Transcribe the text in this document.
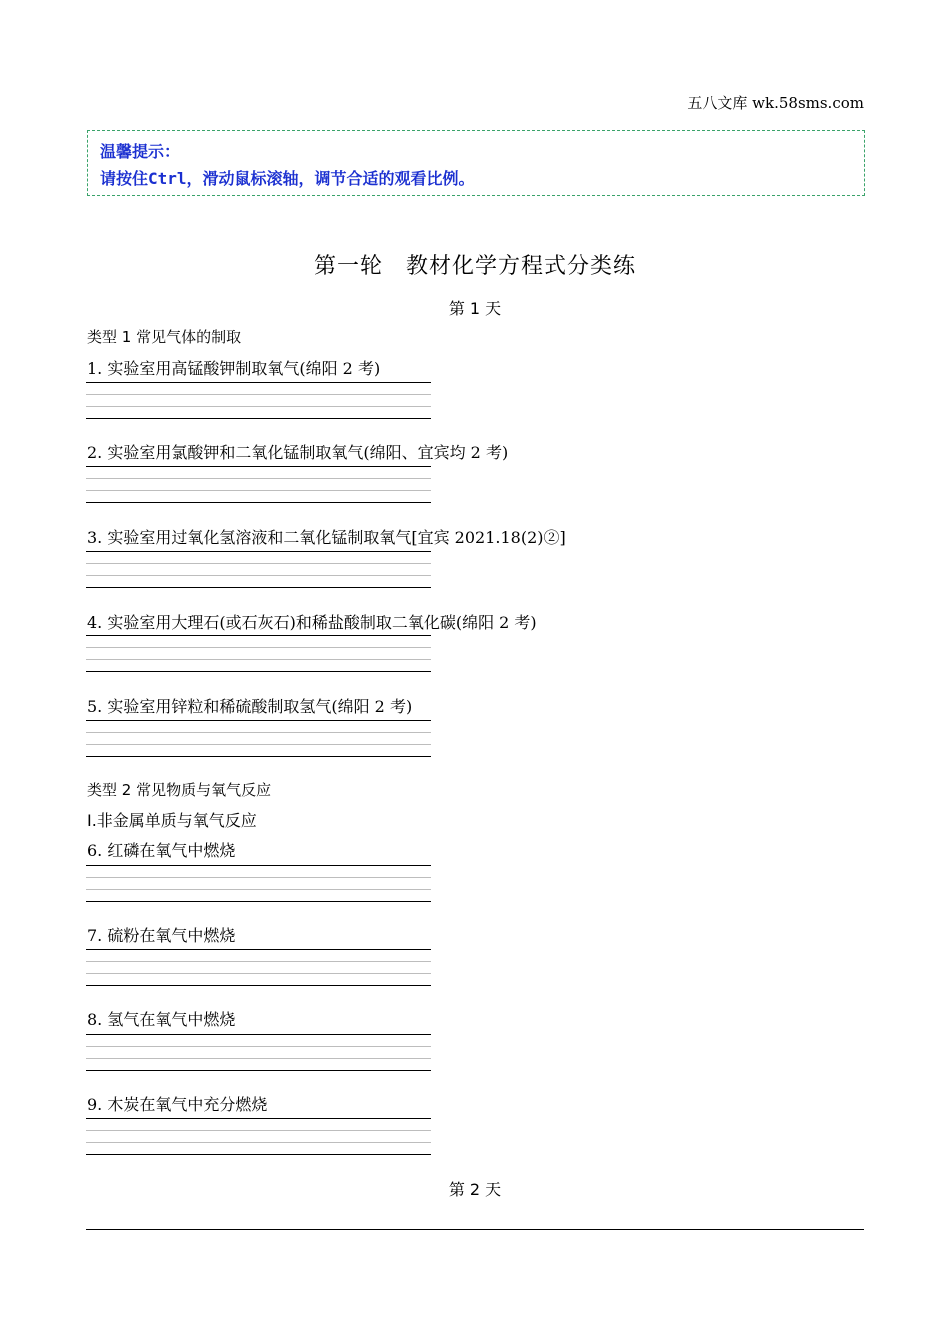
五八文库 wk.58sms.com
温馨提示：
请按住Ctrl，滑动鼠标滚轴，调节合适的观看比例。
第一轮　教材化学方程式分类练
第 1 天
类型 1 常见气体的制取
1. 实验室用高锰酸钾制取氧气(绵阳 2 考)
2. 实验室用氯酸钾和二氧化锰制取氧气(绵阳、宜宾均 2 考)
3. 实验室用过氧化氢溶液和二氧化锰制取氧气[宜宾 2021.18(2)②]
4. 实验室用大理石(或石灰石)和稀盐酸制取二氧化碳(绵阳 2 考)
5. 实验室用锌粒和稀硫酸制取氢气(绵阳 2 考)
类型 2 常见物质与氧气反应
I.非金属单质与氧气反应
6. 红磷在氧气中燃烧
7. 硫粉在氧气中燃烧
8. 氢气在氧气中燃烧
9. 木炭在氧气中充分燃烧
第 2 天
